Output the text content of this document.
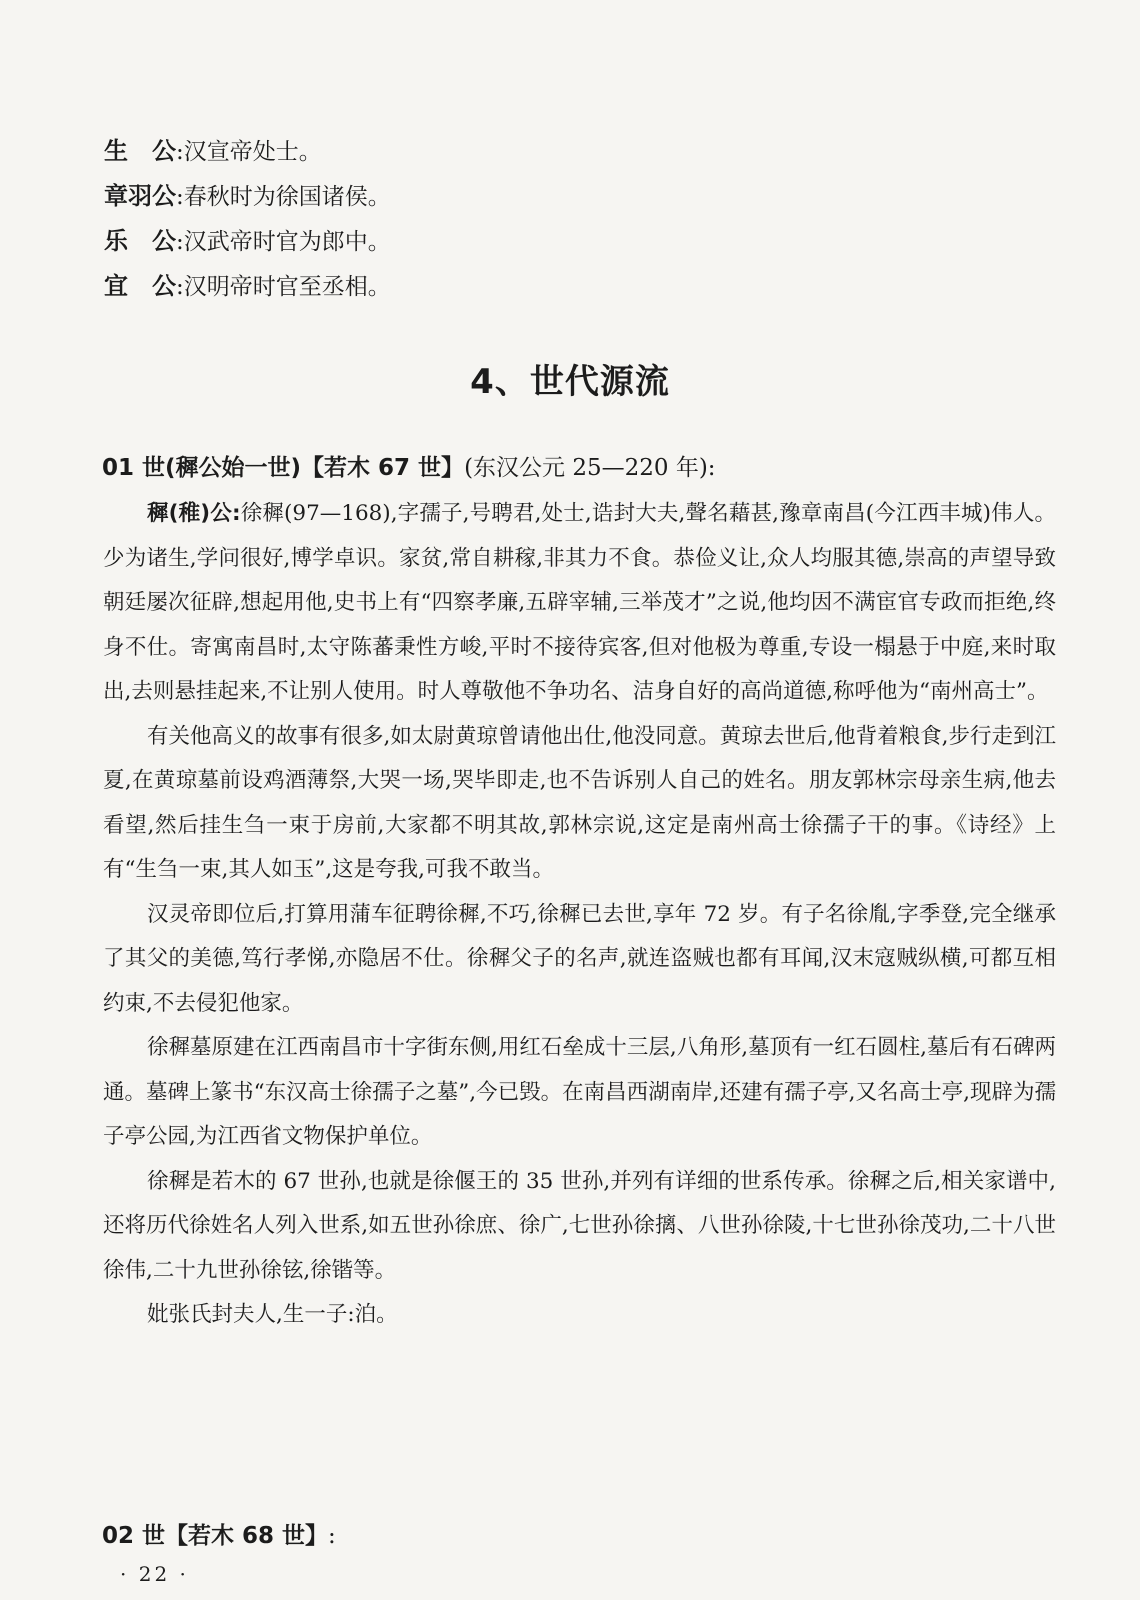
生　公:汉宣帝处士。
章羽公:春秋时为徐国诸侯。
乐　公:汉武帝时官为郎中。
宜　公:汉明帝时官至丞相。
4、世代源流
01 世(穉公始一世)【若木 67 世】(东汉公元 25—220 年):

穉(稚)公:徐穉(97—168),字孺子,号聘君,处士,诰封大夫,聲名藉甚,豫章南昌(今江西丰城)伟人。少为诸生,学问很好,博学卓识。家贫,常自耕稼,非其力不食。恭俭义让,众人均服其德,崇高的声望导致朝廷屡次征辟,想起用他,史书上有“四察孝廉,五辟宰辅,三举茂才”之说,他均因不满宦官专政而拒绝,终身不仕。寄寓南昌时,太守陈蕃秉性方峻,平时不接待宾客,但对他极为尊重,专设一榻悬于中庭,来时取出,去则悬挂起来,不让别人使用。时人尊敬他不争功名、洁身自好的高尚道德,称呼他为“南州高士”。

有关他高义的故事有很多,如太尉黄琼曾请他出仕,他没同意。黄琼去世后,他背着粮食,步行走到江夏,在黄琼墓前设鸡酒薄祭,大哭一场,哭毕即走,也不告诉别人自己的姓名。朋友郭林宗母亲生病,他去看望,然后挂生刍一束于房前,大家都不明其故,郭林宗说,这定是南州高士徐孺子干的事。《诗经》上有“生刍一束,其人如玉”,这是夸我,可我不敢当。

汉灵帝即位后,打算用蒲车征聘徐穉,不巧,徐穉已去世,享年 72 岁。有子名徐胤,字季登,完全继承了其父的美德,笃行孝悌,亦隐居不仕。徐穉父子的名声,就连盗贼也都有耳闻,汉末寇贼纵横,可都互相约束,不去侵犯他家。

徐穉墓原建在江西南昌市十字街东侧,用红石垒成十三层,八角形,墓顶有一红石圆柱,墓后有石碑两通。墓碑上篆书“东汉高士徐孺子之墓”,今已毁。在南昌西湖南岸,还建有孺子亭,又名高士亭,现辟为孺子亭公园,为江西省文物保护单位。

徐穉是若木的 67 世孙,也就是徐偃王的 35 世孙,并列有详细的世系传承。徐穉之后,相关家谱中,还将历代徐姓名人列入世系,如五世孙徐庶、徐广,七世孙徐摛、八世孙徐陵,十七世孙徐茂功,二十八世徐伟,二十九世孙徐铉,徐锴等。

妣张氏封夫人,生一子:泊。

02 世【若木 68 世】:
· 22 ·
